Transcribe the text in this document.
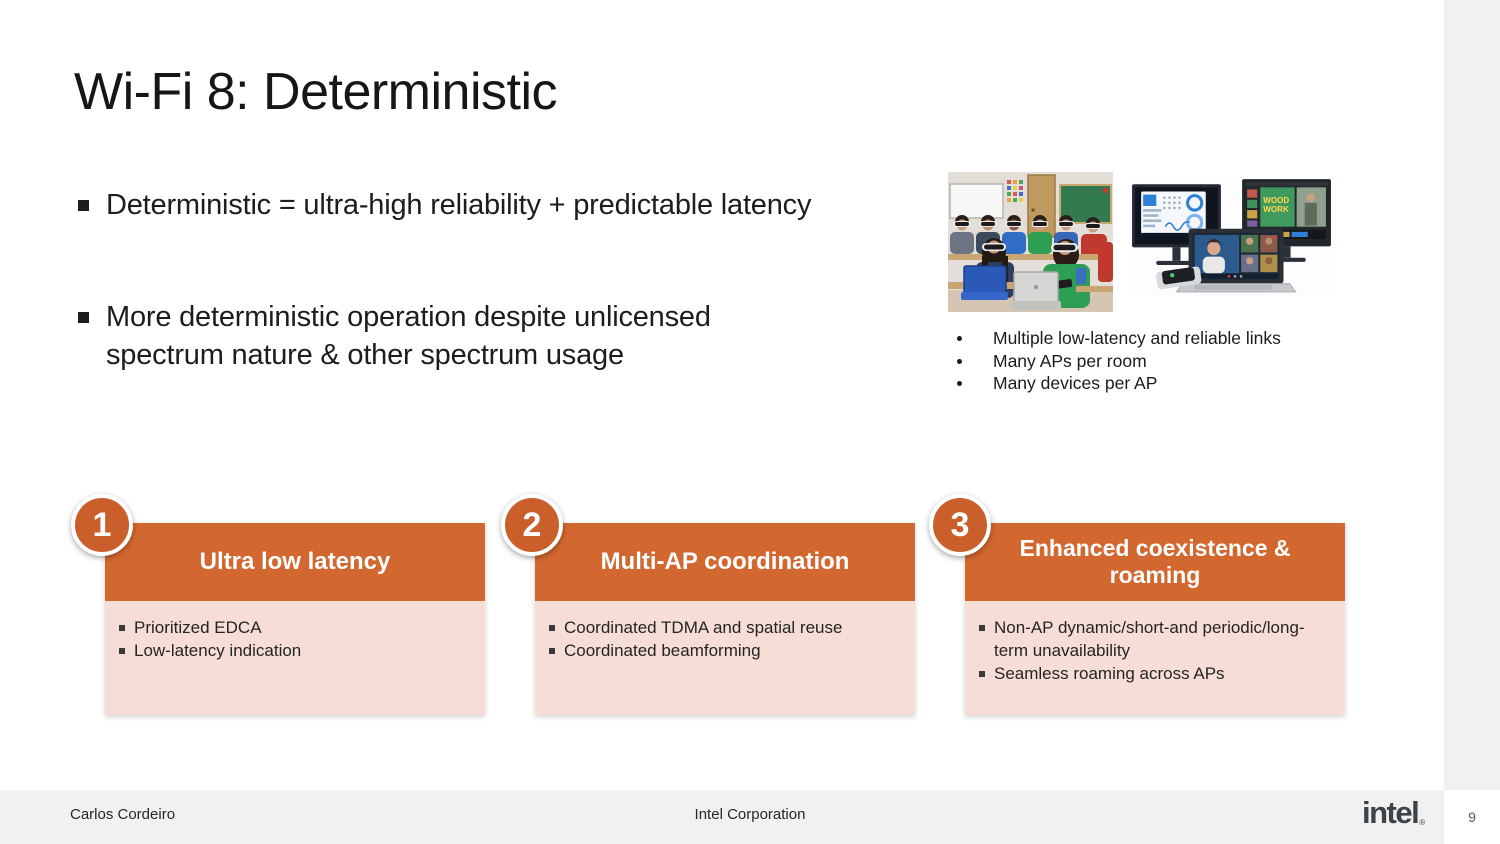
Wi-Fi 8: Deterministic
Deterministic = ultra-high reliability + predictable latency
More deterministic operation despite unlicensed spectrum nature & other spectrum usage
WOOD
WORK
Multiple low-latency and reliable links
Many APs per room
Many devices per AP
Ultra low latency
Prioritized EDCA
Low-latency indication
Multi-AP coordination
Coordinated TDMA and spatial reuse
Coordinated beamforming
Enhanced coexistence & roaming
Non-AP dynamic/short-and periodic/long-term unavailability
Seamless roaming across APs
1	2	3
Carlos Cordeiro	Intel Corporation	intel®	9
